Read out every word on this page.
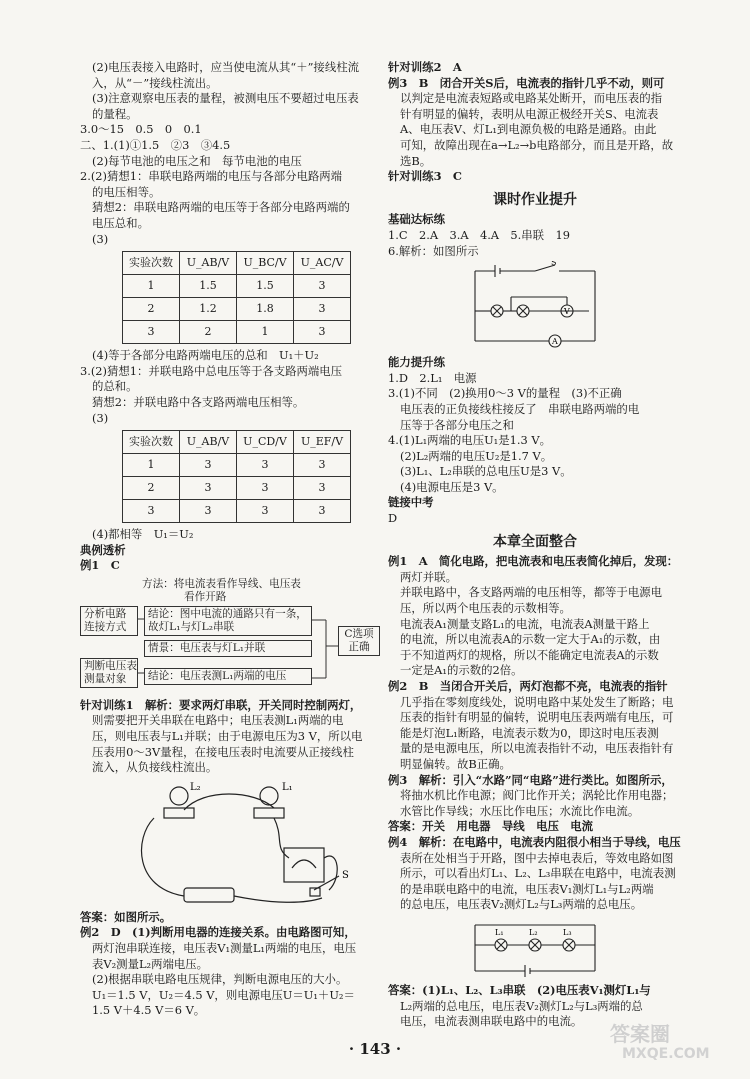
(2)电压表接入电路时，应当使电流从其“＋”接线柱流
入，从“－”接线柱流出。
(3)注意观察电压表的量程，被测电压不要超过电压表
的量程。
3.0～15　0.5　0　0.1
二、1.(1)①1.5　②3　③4.5
(2)每节电池的电压之和　每节电池的电压
2.(2)猜想1：串联电路两端的电压与各部分电路两端
的电压相等。
猜想2：串联电路两端的电压等于各部分电路两端的
电压总和。
(3)
实验次数	U_AB/V	U_BC/V	U_AC/V
1	1.5	1.5	3
2	1.2	1.8	3
3	2	1	3
(4)等于各部分电路两端电压的总和　U₁＋U₂
3.(2)猜想1：并联电路中总电压等于各支路两端电压
的总和。
猜想2：并联电路中各支路两端电压相等。
(3)
实验次数	U_AB/V	U_CD/V	U_EF/V
1	3	3	3
2	3	3	3
3	3	3	3
(4)都相等　U₁＝U₂
典例透析
例1　C
方法：将电流表看作导线、电压表
看作开路
分析电路
连接方式
结论：图中电流的通路只有一条，
故灯L₁与灯L₂串联
情景：电压表与灯L₁并联
判断电压表
测量对象	结论：电压表测L₁两端的电压
C选项
正确
针对训练1　解析：要求两灯串联，开关同时控制两灯，
则需要把开关串联在电路中；电压表测L₁两端的电
压，则电压表与L₁并联；由于电源电压为3 V，所以电
压表用0～3V量程，在接电压表时电流要从正接线柱
流入，从负接线柱流出。
L₂	L₁
S
答案：如图所示。
例2　D　(1)判断用电器的连接关系。由电路图可知，
两灯泡串联连接，电压表V₁测量L₁两端的电压，电压
表V₂测量L₂两端电压。
(2)根据串联电路电压规律，判断电源电压的大小。
U₁＝1.5 V，U₂＝4.5 V，则电源电压U＝U₁＋U₂＝
1.5 V＋4.5 V＝6 V。
针对训练2　A
例3　B　闭合开关S后，电流表的指针几乎不动，则可
以判定是电流表短路或电路某处断开，而电压表的指
针有明显的偏转，表明从电源正极经开关S、电流表
A、电压表V、灯L₁到电源负极的电路是通路。由此
可知，故障出现在a→L₂→b电路部分，而且是开路，故
选B。
针对训练3　C
课时作业提升
基础达标练
1.C　2.A　3.A　4.A　5.串联　19
6.解析：如图所示
S
V
A
能力提升练
1.D　2.L₁　电源
3.(1)不同　(2)换用0～3 V的量程　(3)不正确
电压表的正负接线柱接反了　串联电路两端的电
压等于各部分电压之和
4.(1)L₁两端的电压U₁是1.3 V。
(2)L₂两端的电压U₂是1.7 V。
(3)L₁、L₂串联的总电压U是3 V。
(4)电源电压是3 V。
链接中考
D
本章全面整合
例1　A　简化电路，把电流表和电压表简化掉后，发现：
两灯并联。
并联电路中，各支路两端的电压相等，都等于电源电
压，所以两个电压表的示数相等。
电流表A₁测量支路L₁的电流，电流表A测量干路上
的电流，所以电流表A的示数一定大于A₁的示数，由
于不知道两灯的规格，所以不能确定电流表A的示数
一定是A₁的示数的2倍。
例2　B　当闭合开关后，两灯泡都不亮，电流表的指针
几乎指在零刻度线处，说明电路中某处发生了断路；电
压表的指针有明显的偏转，说明电压表两端有电压，可
能是灯泡L₁断路，电流表示数为0，即这时电压表测
量的是电源电压，所以电流表指针不动，电压表指针有
明显偏转。故B正确。
例3　解析：引入“水路”同“电路”进行类比。如图所示，
将抽水机比作电源；阀门比作开关；涡轮比作用电器；
水管比作导线；水压比作电压；水流比作电流。
答案：开关　用电器　导线　电压　电流
例4　解析：在电路中，电流表内阻很小相当于导线，电压
表所在处相当于开路，图中去掉电表后，等效电路如图
所示，可以看出灯L₁、L₂、L₃串联在电路中，电流表测
的是串联电路中的电流，电压表V₁测灯L₁与L₂两端
的总电压，电压表V₂测灯L₂与L₃两端的总电压。
L₁	L₂	L₃
答案：(1)L₁、L₂、L₃串联　(2)电压表V₁测灯L₁与
L₂两端的总电压，电压表V₂测灯L₂与L₃两端的总
电压，电流表测串联电路中的电流。
· 143 ·
答案圈
MXQE.COM
